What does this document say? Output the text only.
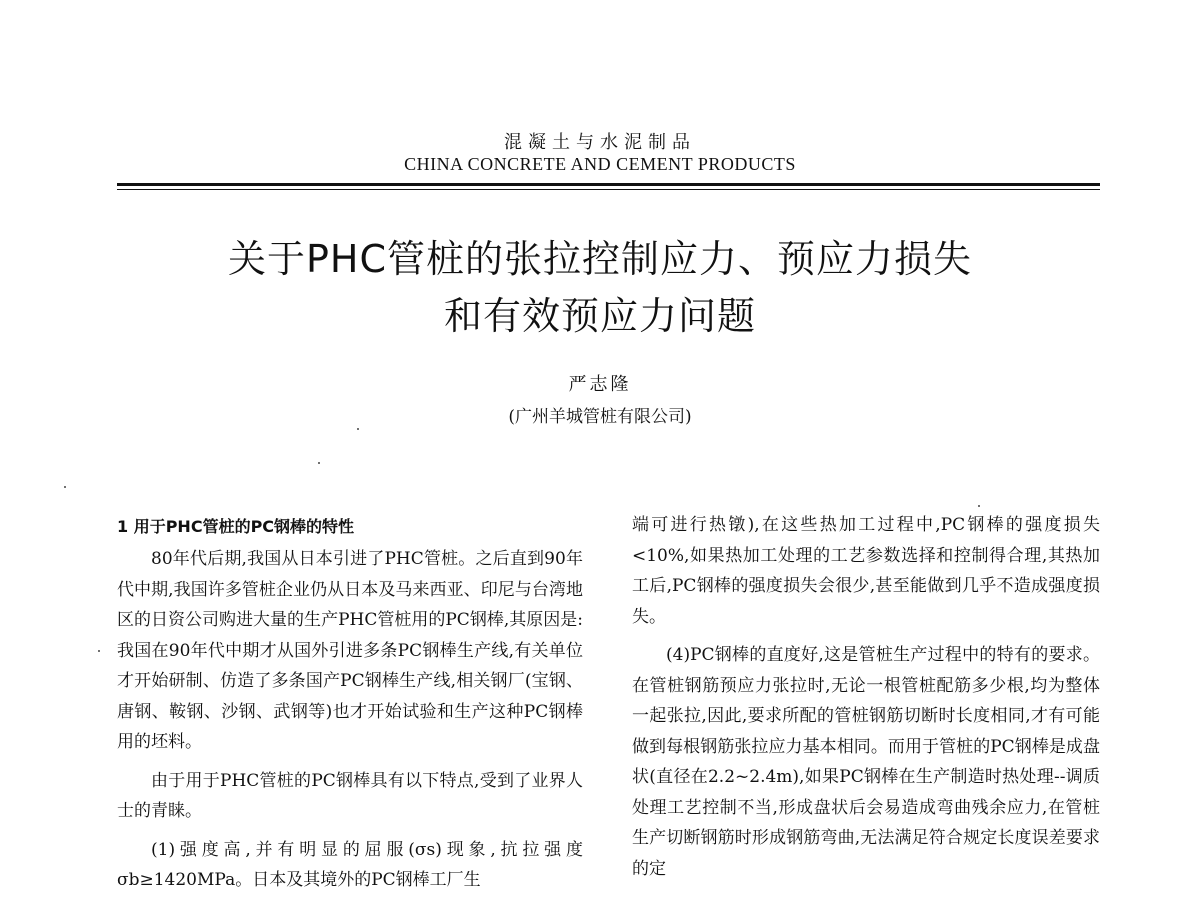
混凝土与水泥制品
CHINA CONCRETE AND CEMENT PRODUCTS
关于PHC管桩的张拉控制应力、预应力损失
和有效预应力问题
严志隆
(广州羊城管桩有限公司)
1 用于PHC管桩的PC钢棒的特性

80年代后期,我国从日本引进了PHC管桩。之后直到90年代中期,我国许多管桩企业仍从日本及马来西亚、印尼与台湾地区的日资公司购进大量的生产PHC管桩用的PC钢棒,其原因是:我国在90年代中期才从国外引进多条PC钢棒生产线,有关单位才开始研制、仿造了多条国产PC钢棒生产线,相关钢厂(宝钢、唐钢、鞍钢、沙钢、武钢等)也才开始试验和生产这种PC钢棒用的坯料。

由于用于PHC管桩的PC钢棒具有以下特点,受到了业界人士的青睐。

(1)强度高,并有明显的屈服(σs)现象,抗拉强度σb≥1420MPa。日本及其境外的PC钢棒工厂生

端可进行热镦),在这些热加工过程中,PC钢棒的强度损失<10%,如果热加工处理的工艺参数选择和控制得合理,其热加工后,PC钢棒的强度损失会很少,甚至能做到几乎不造成强度损失。

(4)PC钢棒的直度好,这是管桩生产过程中的特有的要求。在管桩钢筋预应力张拉时,无论一根管桩配筋多少根,均为整体一起张拉,因此,要求所配的管桩钢筋切断时长度相同,才有可能做到每根钢筋张拉应力基本相同。而用于管桩的PC钢棒是成盘状(直径在2.2~2.4m),如果PC钢棒在生产制造时热处理--调质处理工艺控制不当,形成盘状后会易造成弯曲残余应力,在管桩生产切断钢筋时形成钢筋弯曲,无法满足符合规定长度误差要求的定
